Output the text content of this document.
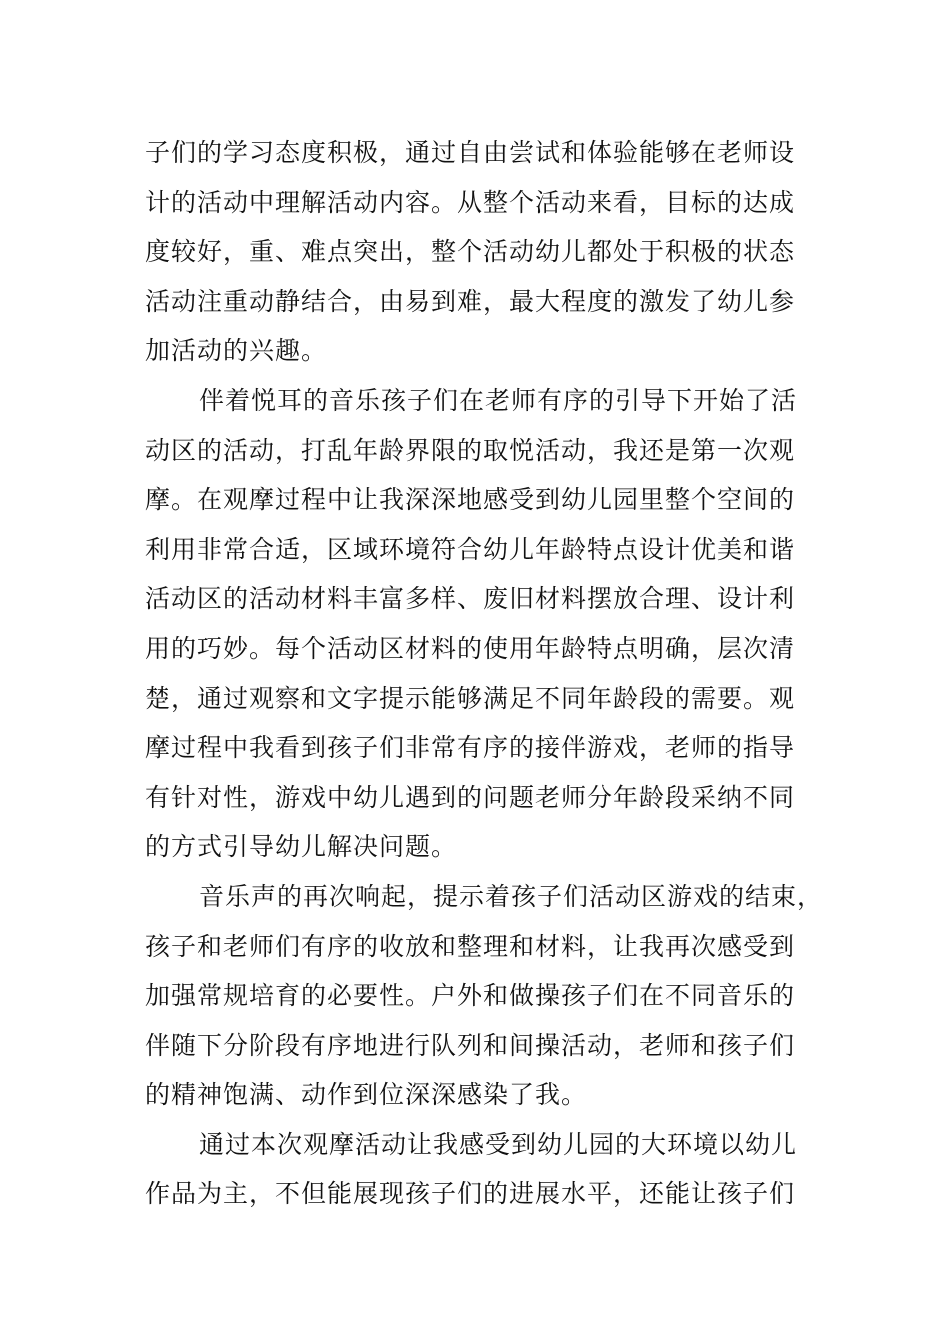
子们的学习态度积极，通过自由尝试和体验能够在老师设
计的活动中理解活动内容。从整个活动来看，目标的达成
度较好，重、难点突出，整个活动幼儿都处于积极的状态
活动注重动静结合，由易到难，最大程度的激发了幼儿参
加活动的兴趣。

伴着悦耳的音乐孩子们在老师有序的引导下开始了活
动区的活动，打乱年龄界限的取悦活动，我还是第一次观
摩。在观摩过程中让我深深地感受到幼儿园里整个空间的
利用非常合适，区域环境符合幼儿年龄特点设计优美和谐
活动区的活动材料丰富多样、废旧材料摆放合理、设计利
用的巧妙。每个活动区材料的使用年龄特点明确，层次清
楚，通过观察和文字提示能够满足不同年龄段的需要。观
摩过程中我看到孩子们非常有序的接伴游戏，老师的指导
有针对性，游戏中幼儿遇到的问题老师分年龄段采纳不同
的方式引导幼儿解决问题。

音乐声的再次响起，提示着孩子们活动区游戏的结束，
孩子和老师们有序的收放和整理和材料，让我再次感受到
加强常规培育的必要性。户外和做操孩子们在不同音乐的
伴随下分阶段有序地进行队列和间操活动，老师和孩子们
的精神饱满、动作到位深深感染了我。

通过本次观摩活动让我感受到幼儿园的大环境以幼儿
作品为主，不但能展现孩子们的进展水平，还能让孩子们
